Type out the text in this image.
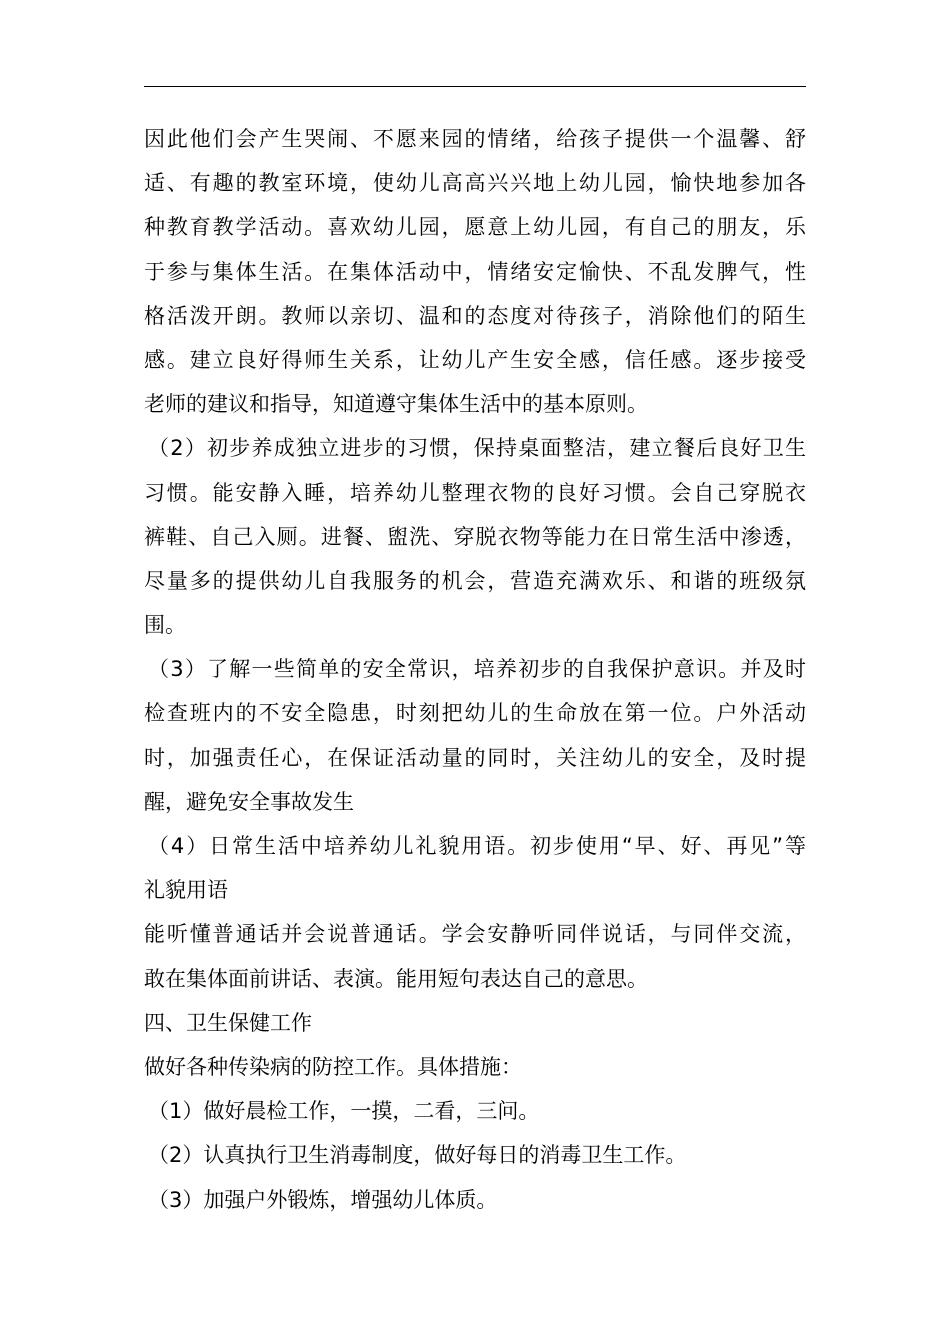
因此他们会产生哭闹、不愿来园的情绪，给孩子提供一个温馨、舒
适、有趣的教室环境，使幼儿高高兴兴地上幼儿园，愉快地参加各
种教育教学活动。喜欢幼儿园，愿意上幼儿园，有自己的朋友，乐
于参与集体生活。在集体活动中，情绪安定愉快、不乱发脾气，性
格活泼开朗。教师以亲切、温和的态度对待孩子，消除他们的陌生
感。建立良好得师生关系，让幼儿产生安全感，信任感。逐步接受
老师的建议和指导，知道遵守集体生活中的基本原则。
（2）初步养成独立进步的习惯，保持桌面整洁，建立餐后良好卫生
习惯。能安静入睡，培养幼儿整理衣物的良好习惯。会自己穿脱衣
裤鞋、自己入厕。进餐、盥洗、穿脱衣物等能力在日常生活中渗透，
尽量多的提供幼儿自我服务的机会，营造充满欢乐、和谐的班级氛
围。
（3）了解一些简单的安全常识，培养初步的自我保护意识。并及时
检查班内的不安全隐患，时刻把幼儿的生命放在第一位。户外活动
时，加强责任心，在保证活动量的同时，关注幼儿的安全，及时提
醒，避免安全事故发生
（4）日常生活中培养幼儿礼貌用语。初步使用“早、好、再见”等
礼貌用语
能听懂普通话并会说普通话。学会安静听同伴说话，与同伴交流，
敢在集体面前讲话、表演。能用短句表达自己的意思。
四、卫生保健工作
做好各种传染病的防控工作。具体措施：
（1）做好晨检工作，一摸，二看，三问。
（2）认真执行卫生消毒制度，做好每日的消毒卫生工作。
（3）加强户外锻炼，增强幼儿体质。
